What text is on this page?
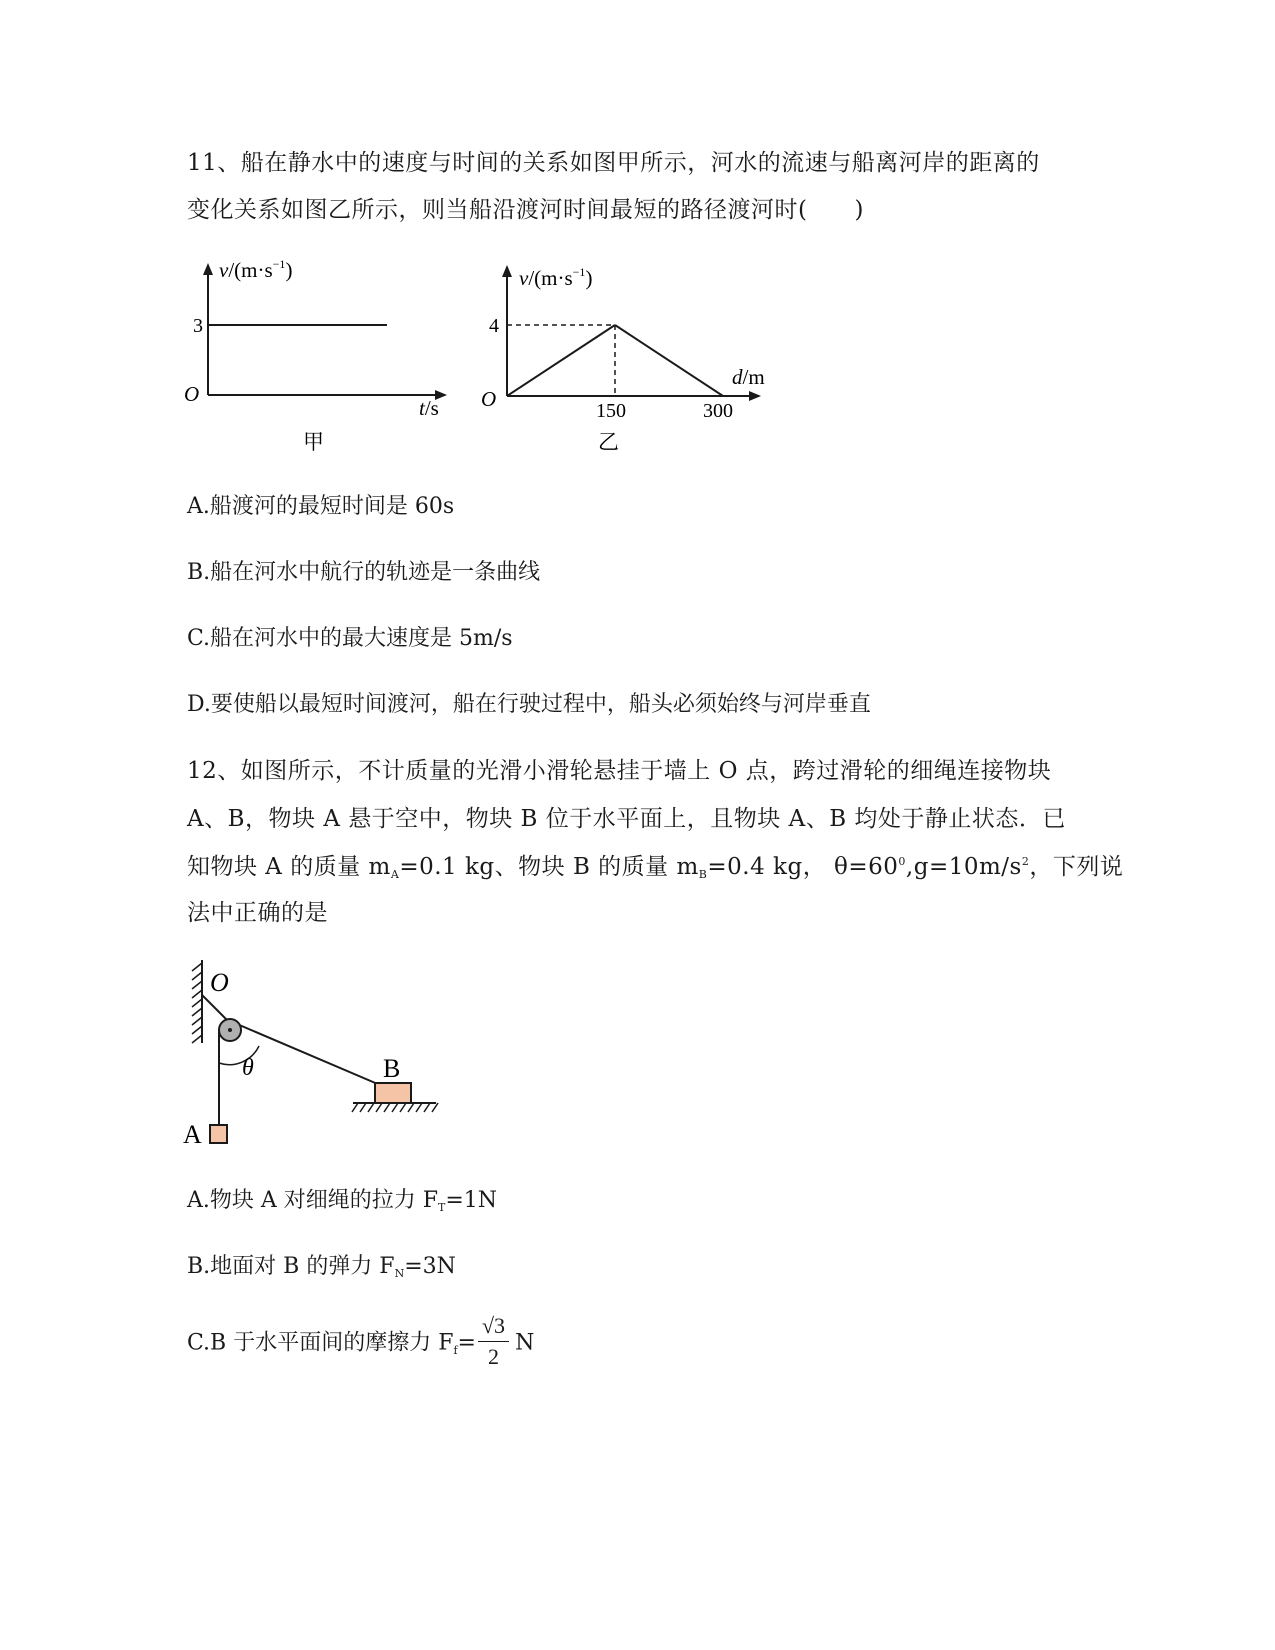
11、船在静水中的速度与时间的关系如图甲所示，河水的流速与船离河岸的距离的
变化关系如图乙所示，则当船沿渡河时间最短的路径渡河时(　　)
$v/(m\cdot s^{-1})$
3
O
t/s
甲
$v/(m\cdot s^{-1})$
4
O	150	300
d/m
乙
A.船渡河的最短时间是 60s
B.船在河水中航行的轨迹是一条曲线
C.船在河水中的最大速度是 5m/s
D.要使船以最短时间渡河，船在行驶过程中，船头必须始终与河岸垂直
12、如图所示，不计质量的光滑小滑轮悬挂于墙上 O 点，跨过滑轮的细绳连接物块
A、B，物块 A 悬于空中，物块 B 位于水平面上，且物块 A、B 均处于静止状态．已
知物块 A 的质量 mA=0.1 kg、物块 B 的质量 mB=0.4 kg， $\theta=60^0,g=10m/s^2$，下列说
法中正确的是
θ
O
A
B
A.物块 A 对细绳的拉力 FT=1N
B.地面对 B 的弹力 FN=3N
C.B 于水平面间的摩擦力 $Ff= \frac{√3}{2}$ N
